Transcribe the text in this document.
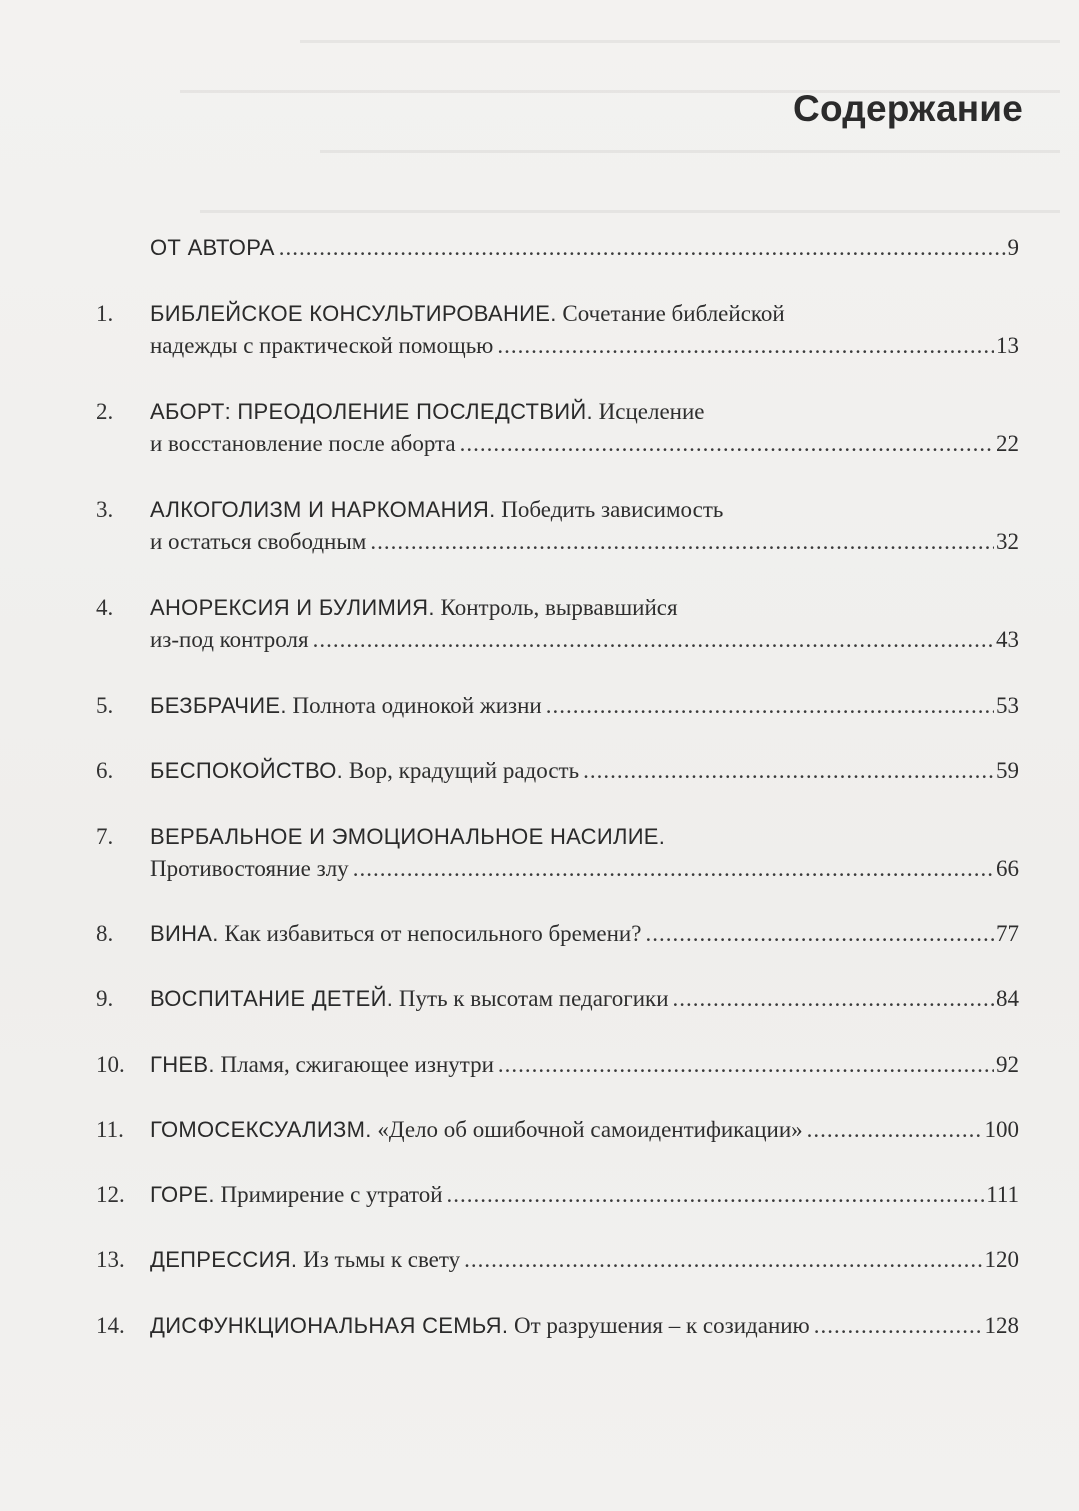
Содержание
ОТ АВТОРА .....	9
1.	БИБЛЕЙСКОЕ КОНСУЛЬТИРОВАНИЕ.
Сочетание библейской
надежды с практической помощью .....	13
2.	АБОРТ: ПРЕОДОЛЕНИЕ ПОСЛЕДСТВИЙ.
Исцеление
и восстановление после аборта .....	22
3.	АЛКОГОЛИЗМ И НАРКОМАНИЯ.
Победить зависимость
и остаться свободным .....	32
4.	АНОРЕКСИЯ И БУЛИМИЯ.
Контроль, вырвавшийся
из-под контроля .....	43
5.	БЕЗБРАЧИЕ.
Полнота одинокой жизни .....	53
6.	БЕСПОКОЙСТВО.
Вор, крадущий радость .....	59
7.	ВЕРБАЛЬНОЕ И ЭМОЦИОНАЛЬНОЕ НАСИЛИЕ.
Противостояние злу .....	66
8.	ВИНА.
Как избавиться от непосильного бремени? .....	77
9.	ВОСПИТАНИЕ ДЕТЕЙ.
Путь к высотам педагогики .....	84
10.	ГНЕВ.
Пламя, сжигающее изнутри .....	92
11.	ГОМОСЕКСУАЛИЗМ.
«Дело об ошибочной самоидентификации» .....	100
12.	ГОРЕ.
Примирение с утратой .....	111
13.	ДЕПРЕССИЯ.
Из тьмы к свету .....	120
14.	ДИСФУНКЦИОНАЛЬНАЯ СЕМЬЯ.
От разрушения – к созиданию .....	128
